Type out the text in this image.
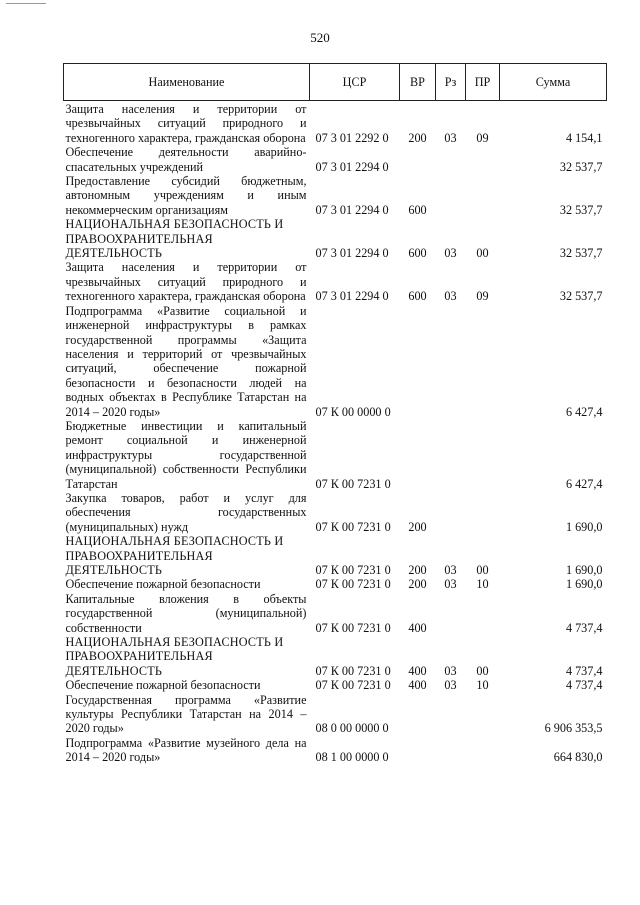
520
Наименование	ЦСР	ВР	Рз	ПР	Сумма
Защита населения и территории от чрезвычайных ситуаций природного и техногенного характера, гражданская оборона	07 3 01 2292 0	200	03	09	4 154,1
Обеспечение деятельности аварийно-спасательных учреждений	07 3 01 2294 0				32 537,7
Предоставление субсидий бюджетным, автономным учреждениям и иным некоммерческим организациям	07 3 01 2294 0	600			32 537,7
НАЦИОНАЛЬНАЯ БЕЗОПАСНОСТЬ И ПРАВООХРАНИТЕЛЬНАЯ ДЕЯТЕЛЬНОСТЬ	07 3 01 2294 0	600	03	00	32 537,7
Защита населения и территории от чрезвычайных ситуаций природного и техногенного характера, гражданская оборона	07 3 01 2294 0	600	03	09	32 537,7
Подпрограмма «Развитие социальной и инженерной инфраструктуры в рамках государственной программы «Защита населения и территорий от чрезвычайных ситуаций, обеспечение пожарной безопасности и безопасности людей на водных объектах в Республике Татарстан на 2014 – 2020 годы»	07 К 00 0000 0				6 427,4
Бюджетные инвестиции и капитальный ремонт социальной и инженерной инфраструктуры государственной (муниципальной) собственности Республики Татарстан	07 К 00 7231 0				6 427,4
Закупка товаров, работ и услуг для обеспечения государственных (муниципальных) нужд	07 К 00 7231 0	200			1 690,0
НАЦИОНАЛЬНАЯ БЕЗОПАСНОСТЬ И ПРАВООХРАНИТЕЛЬНАЯ ДЕЯТЕЛЬНОСТЬ	07 К 00 7231 0	200	03	00	1 690,0
Обеспечение пожарной безопасности	07 К 00 7231 0	200	03	10	1 690,0
Капитальные вложения в объекты государственной (муниципальной) собственности	07 К 00 7231 0	400			4 737,4
НАЦИОНАЛЬНАЯ БЕЗОПАСНОСТЬ И ПРАВООХРАНИТЕЛЬНАЯ ДЕЯТЕЛЬНОСТЬ	07 К 00 7231 0	400	03	00	4 737,4
Обеспечение пожарной безопасности	07 К 00 7231 0	400	03	10	4 737,4
Государственная программа «Развитие культуры Республики Татарстан на 2014 – 2020 годы»	08 0 00 0000 0				6 906 353,5
Подпрограмма «Развитие музейного дела на 2014 – 2020 годы»	08 1 00 0000 0				664 830,0
